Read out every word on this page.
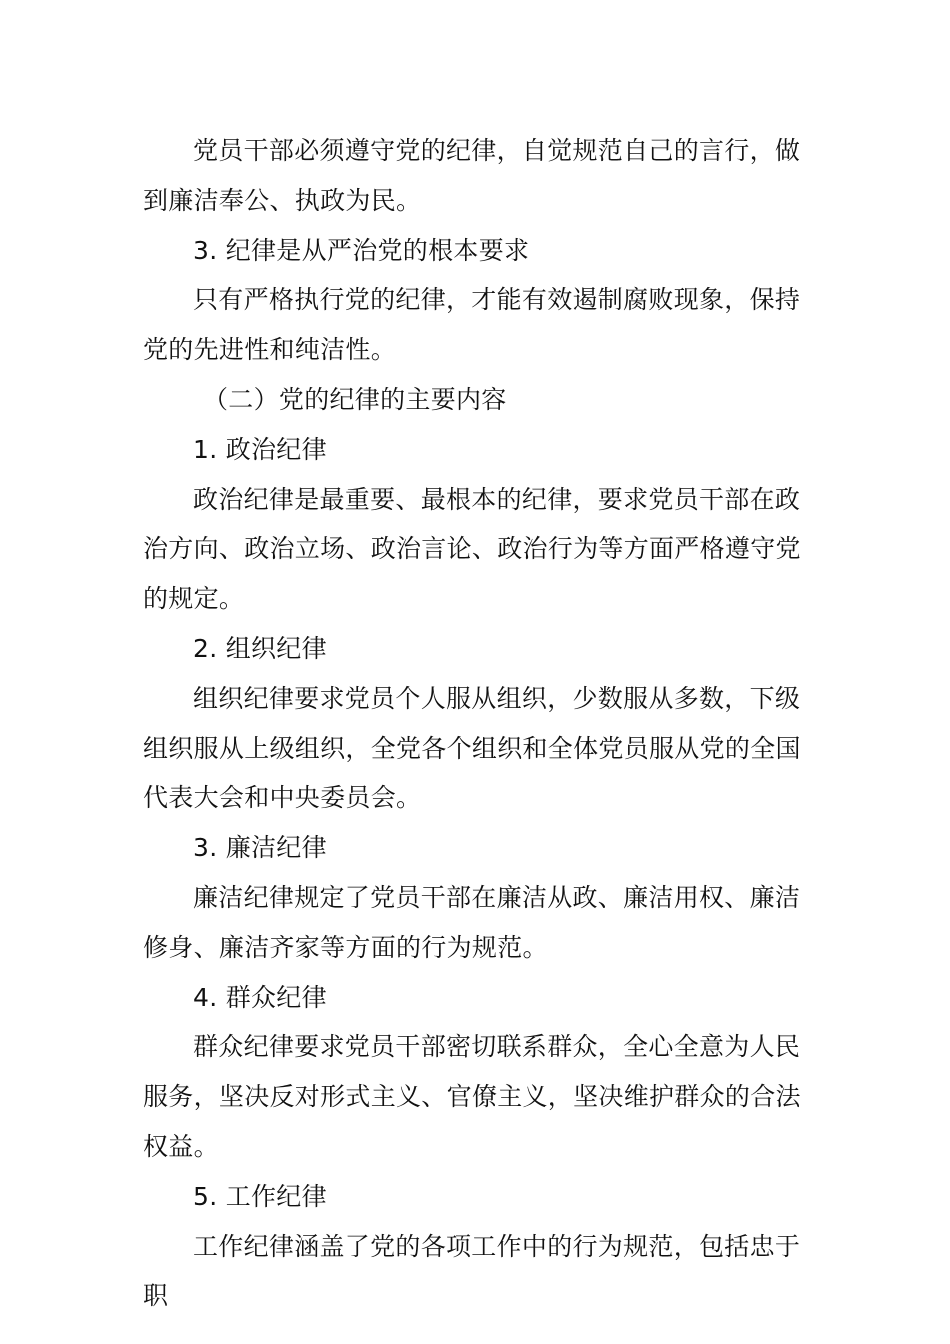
党员干部必须遵守党的纪律，自觉规范自己的言行，做到廉洁奉公、执政为民。

3. 纪律是从严治党的根本要求

只有严格执行党的纪律，才能有效遏制腐败现象，保持党的先进性和纯洁性。

（二）党的纪律的主要内容

1. 政治纪律

政治纪律是最重要、最根本的纪律，要求党员干部在政治方向、政治立场、政治言论、政治行为等方面严格遵守党的规定。

2. 组织纪律

组织纪律要求党员个人服从组织，少数服从多数，下级组织服从上级组织，全党各个组织和全体党员服从党的全国代表大会和中央委员会。

3. 廉洁纪律

廉洁纪律规定了党员干部在廉洁从政、廉洁用权、廉洁修身、廉洁齐家等方面的行为规范。

4. 群众纪律

群众纪律要求党员干部密切联系群众，全心全意为人民服务，坚决反对形式主义、官僚主义，坚决维护群众的合法权益。

5. 工作纪律

工作纪律涵盖了党的各项工作中的行为规范，包括忠于职
